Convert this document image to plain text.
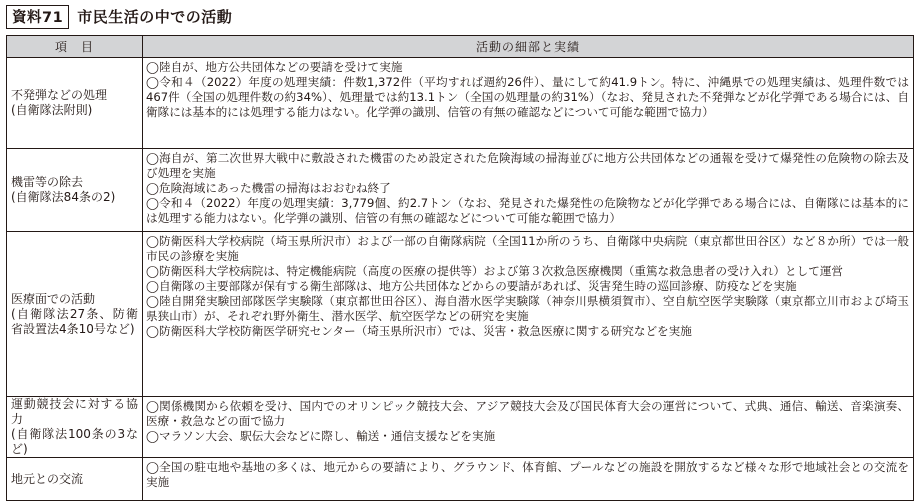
資料71 市民生活の中での活動
項　目	活動の細部と実績

不発弾などの処理
(自衛隊法附則)	◯陸自が、地方公共団体などの要請を受けて実施
◯令和４（2022）年度の処理実績：件数1,372件（平均すれば週約26件）、量にして約41.9トン。特に、沖縄県での処理実績は、処理件数では467件（全国の処理件数の約34%）、処理量では約13.1トン（全国の処理量の約31%）（なお、発見された不発弾などが化学弾である場合には、自衛隊には基本的には処理する能力はない。化学弾の識別、信管の有無の確認などについて可能な範囲で協力）

機雷等の除去
(自衛隊法84条の2)	◯海自が、第二次世界大戦中に敷設された機雷のため設定された危険海域の掃海並びに地方公共団体などの通報を受けて爆発性の危険物の除去及び処理を実施
◯危険海域にあった機雷の掃海はおおむね終了
◯令和４（2022）年度の処理実績：3,779個、約2.7トン（なお、発見された爆発性の危険物などが化学弾である場合には、自衛隊には基本的には処理する能力はない。化学弾の識別、信管の有無の確認などについて可能な範囲で協力）

医療面での活動
(自衛隊法27条、防衛省設置法4条10号など)	◯防衛医科大学校病院（埼玉県所沢市）および一部の自衛隊病院（全国11か所のうち、自衛隊中央病院（東京都世田谷区）など８か所）では一般市民の診療を実施
◯防衛医科大学校病院は、特定機能病院（高度の医療の提供等）および第３次救急医療機関（重篤な救急患者の受け入れ）として運営
◯自衛隊の主要部隊が保有する衛生部隊は、地方公共団体などからの要請があれば、災害発生時の巡回診療、防疫などを実施
◯陸自開発実験団部隊医学実験隊（東京都世田谷区）、海自潜水医学実験隊（神奈川県横須賀市）、空自航空医学実験隊（東京都立川市および埼玉県狭山市）が、それぞれ野外衛生、潜水医学、航空医学などの研究を実施
◯防衛医科大学校防衛医学研究センター（埼玉県所沢市）では、災害・救急医療に関する研究などを実施

運動競技会に対する協力
(自衛隊法100条の3など)	◯関係機関から依頼を受け、国内でのオリンピック競技大会、アジア競技大会及び国民体育大会の運営について、式典、通信、輸送、音楽演奏、医療・救急などの面で協力
◯マラソン大会、駅伝大会などに際し、輸送・通信支援などを実施

地元との交流	◯全国の駐屯地や基地の多くは、地元からの要請により、グラウンド、体育館、プールなどの施設を開放するなど様々な形で地域社会との交流を実施
